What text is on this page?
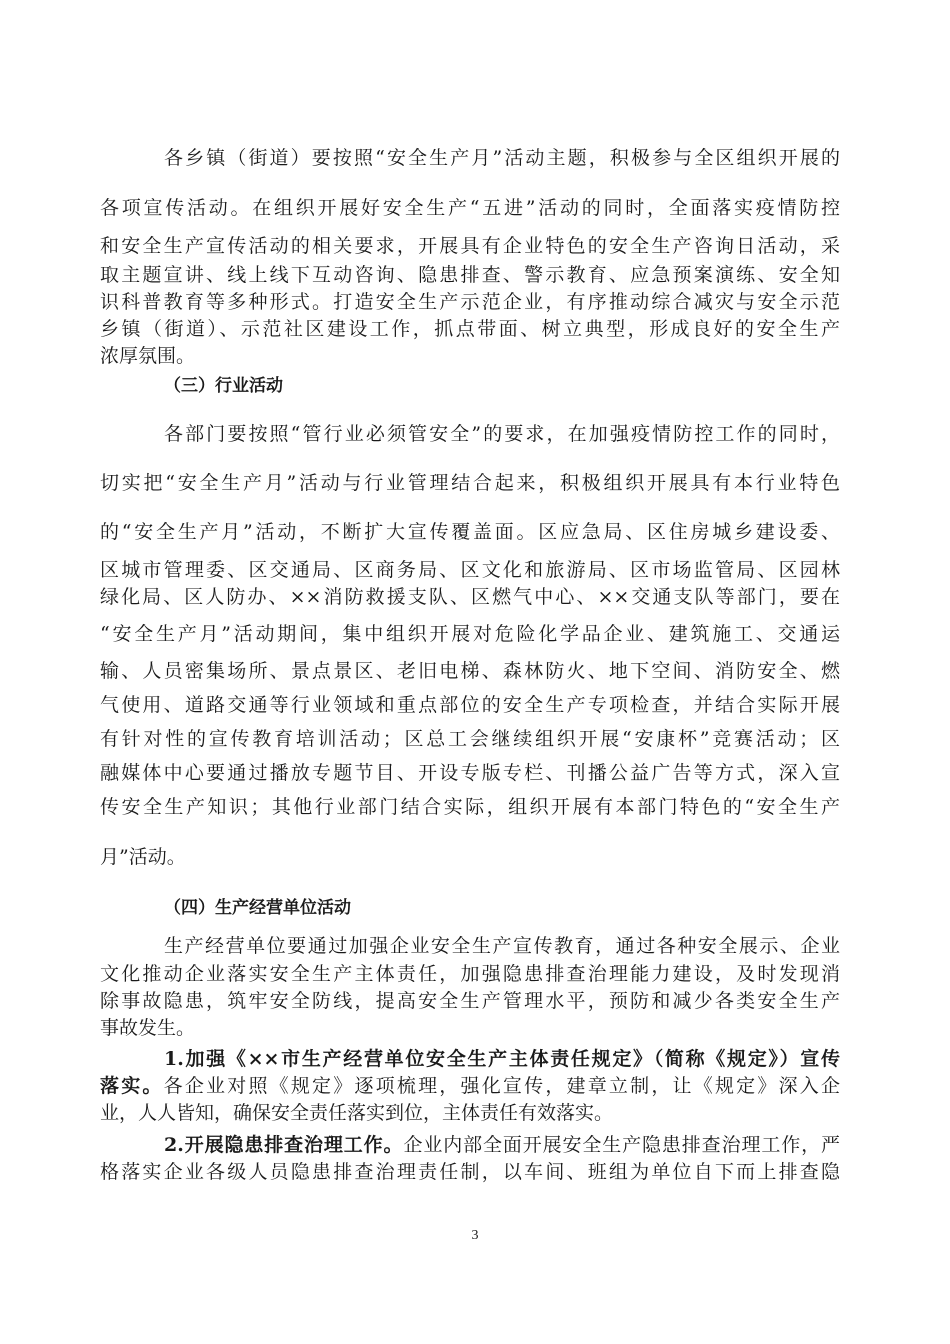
各乡镇（街道）要按照“安全生产月”活动主题，积极参与全区组织开展的
各项宣传活动。在组织开展好安全生产“五进”活动的同时，全面落实疫情防控
和安全生产宣传活动的相关要求，开展具有企业特色的安全生产咨询日活动，采
取主题宣讲、线上线下互动咨询、隐患排查、警示教育、应急预案演练、安全知
识科普教育等多种形式。打造安全生产示范企业，有序推动综合减灾与安全示范
乡镇（街道）、示范社区建设工作，抓点带面、树立典型，形成良好的安全生产
浓厚氛围。
（三）行业活动
各部门要按照“管行业必须管安全”的要求，在加强疫情防控工作的同时，
切实把“安全生产月”活动与行业管理结合起来，积极组织开展具有本行业特色
的“安全生产月”活动，不断扩大宣传覆盖面。区应急局、区住房城乡建设委、
区城市管理委、区交通局、区商务局、区文化和旅游局、区市场监管局、区园林
绿化局、区人防办、××消防救援支队、区燃气中心、××交通支队等部门，要在
“安全生产月”活动期间，集中组织开展对危险化学品企业、建筑施工、交通运
输、人员密集场所、景点景区、老旧电梯、森林防火、地下空间、消防安全、燃
气使用、道路交通等行业领域和重点部位的安全生产专项检查，并结合实际开展
有针对性的宣传教育培训活动；区总工会继续组织开展“安康杯”竞赛活动；区
融媒体中心要通过播放专题节目、开设专版专栏、刊播公益广告等方式，深入宣
传安全生产知识；其他行业部门结合实际，组织开展有本部门特色的“安全生产
月”活动。
（四）生产经营单位活动
生产经营单位要通过加强企业安全生产宣传教育，通过各种安全展示、企业
文化推动企业落实安全生产主体责任，加强隐患排查治理能力建设，及时发现消
除事故隐患，筑牢安全防线，提高安全生产管理水平，预防和减少各类安全生产
事故发生。
1.加强《××市生产经营单位安全生产主体责任规定》（简称《规定》）宣传
落实。各企业对照《规定》逐项梳理，强化宣传，建章立制，让《规定》深入企
业，人人皆知，确保安全责任落实到位，主体责任有效落实。
2.开展隐患排查治理工作。企业内部全面开展安全生产隐患排查治理工作，严
格落实企业各级人员隐患排查治理责任制，以车间、班组为单位自下而上排查隐
3
